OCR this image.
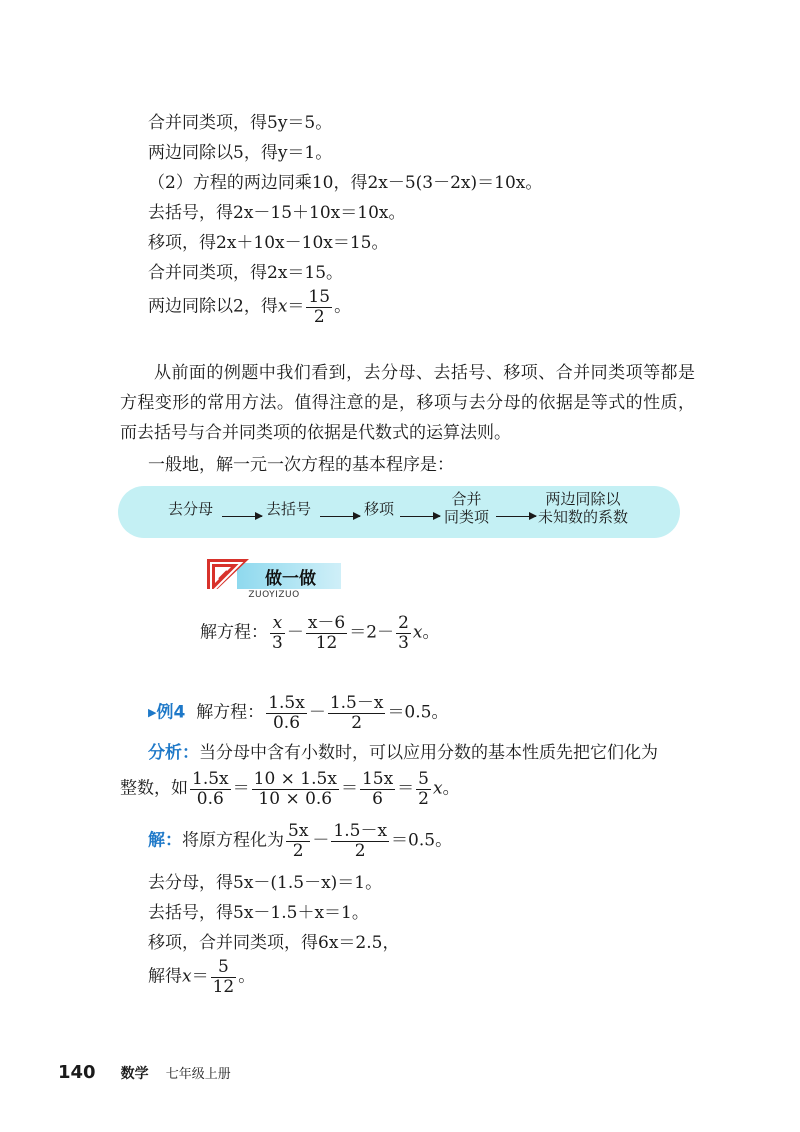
合并同类项，得5y＝5。
两边同除以5，得y＝1。
（2）方程的两边同乘10，得2x－5(3－2x)＝10x。
去括号，得2x－15＋10x＝10x。
移项，得2x＋10x－10x＝15。
合并同类项，得2x＝15。
两边同除以2，得$x= \frac{15}{2}$ 。

从前面的例题中我们看到，去分母、去括号、移项、合并同类项等都是方程变形的常用方法。值得注意的是，移项与去分母的依据是等式的性质，而去括号与合并同类项的依据是代数式的运算法则。

一般地，解一元一次方程的基本程序是：
去分母	去括号	移项
合并
同类项
两边同除以
未知数的系数
做一做
ZUOYIZUO
解方程： $\frac{x}{3} - \frac{x-6}{12} =2- \frac{2}{3}$ x。
▸例4 解方程： $\frac{1.5x}{0.6} - \frac{1.5-x}{2} =0.5$。
分析：当分母中含有小数时，可以应用分数的基本性质先把它们化为
整数，如 $\frac{1.5x}{0.6} = \frac{10 \times 1.5x}{10 \times 0.6} = \frac{15x}{6} = \frac{5}{2}$ x。
解：将原方程化为 $\frac{5x}{2} - \frac{1.5-x}{2} =0.5$。
去分母，得5x－(1.5－x)＝1。
去括号，得5x－1.5＋x＝1。
移项，合并同类项，得6x＝2.5，
解得$x= \frac{5}{12}$ 。
140 数学 七年级上册
